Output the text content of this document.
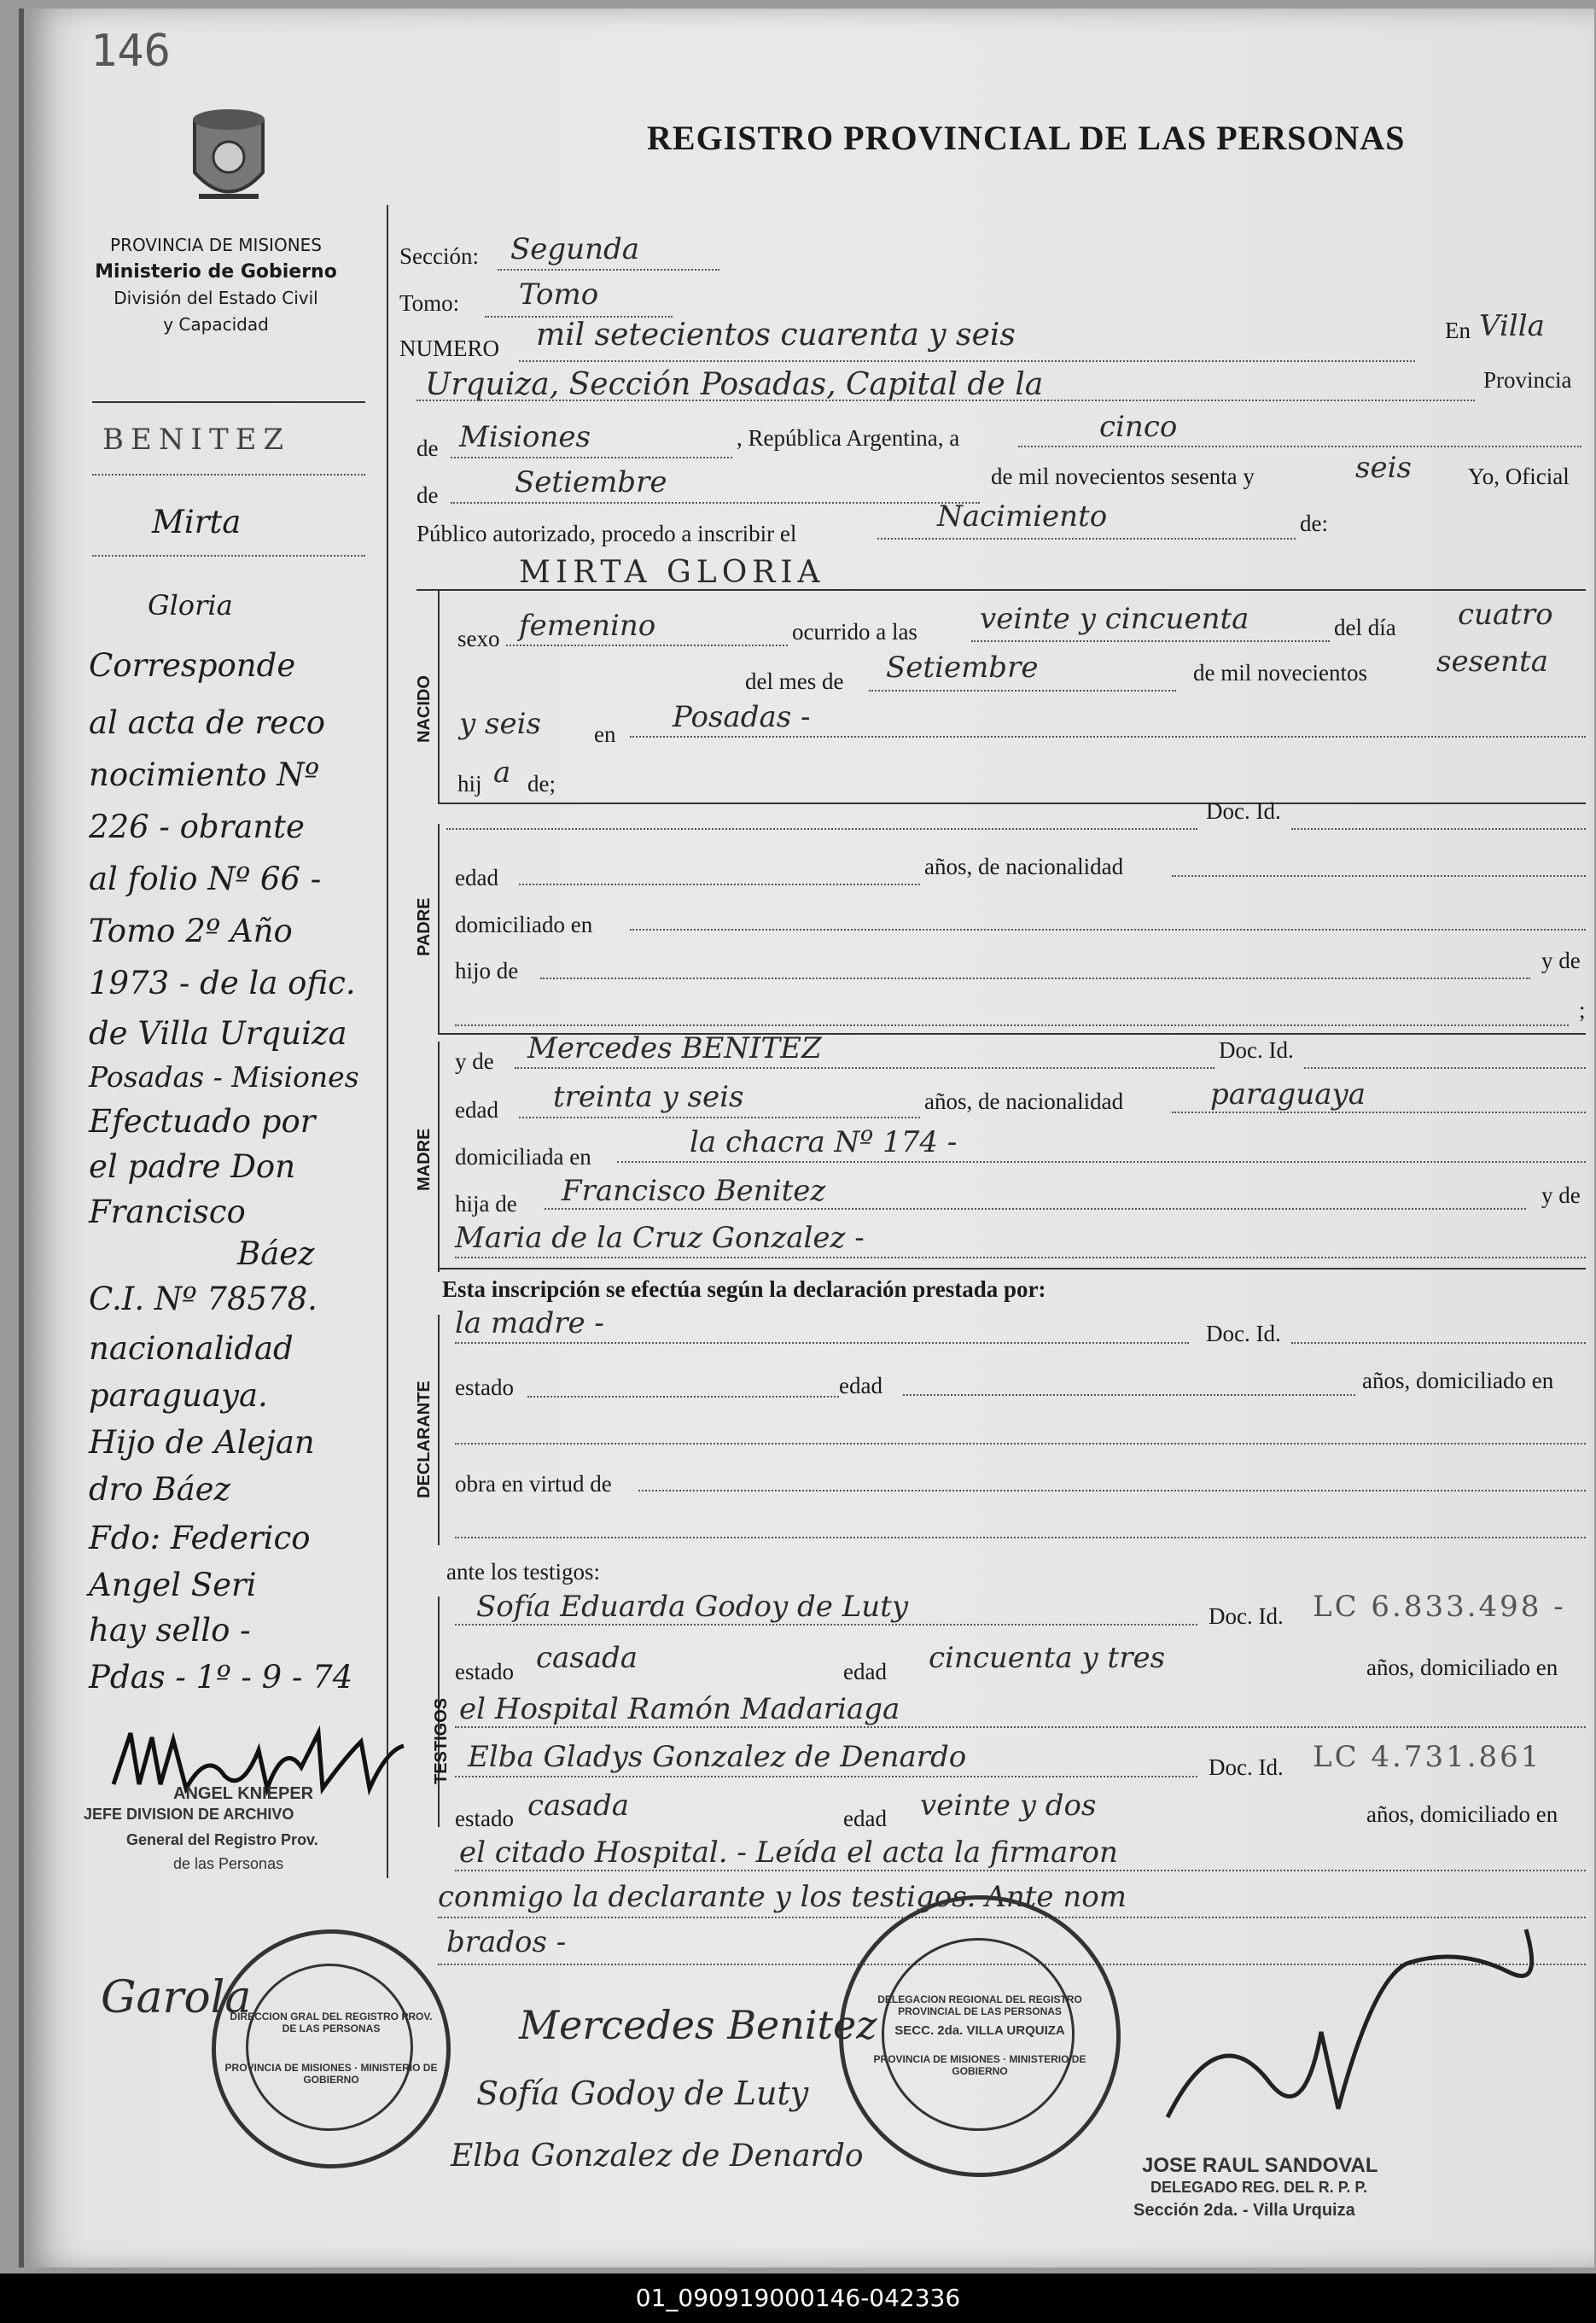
146
REGISTRO PROVINCIAL DE LAS PERSONAS
PROVINCIA DE MISIONES
Ministerio de Gobierno
División del Estado Civil
y Capacidad
BENITEZ
Mirta
Gloria
Corresponde
al acta de reco
nocimiento Nº
226 - obrante
al folio Nº 66 -
Tomo 2º Año
1973 - de la ofic.
de Villa Urquiza
Posadas - Misiones
Efectuado por
el padre Don
Francisco
Báez
C.I. Nº 78578.
nacionalidad
paraguaya.
Hijo de Alejan
dro Báez
Fdo: Federico
Angel Seri
hay sello -
Pdas - 1º - 9 - 74
ANGEL KNIEPER
JEFE DIVISION DE ARCHIVO
General del Registro Prov.
de las Personas
Sección: Segunda
Tomo: Tomo
NUMERO mil setecientos cuarenta y seis	En Villa
Urquiza, Sección Posadas, Capital de la	Provincia
de Misiones	, República Argentina, a	cinco
de	Setiembre	de mil novecientos sesenta y	seis Yo, Oficial
Público autorizado, procedo a inscribir el	Nacimiento	de:
MIRTA GLORIA
NACIDO
sexo femenino	ocurrido a las veinte y cincuenta	del día cuatro
del mes de Setiembre	de mil novecientos sesenta
y seis en Posadas -
hij a de;
PADRE
Doc. Id.
edad	años, de nacionalidad
domiciliado en
hijo de	y de
;
MADRE
y de Mercedes BENITEZ	Doc. Id.
edad treinta y seis	años, de nacionalidad	paraguaya
domiciliada en	la chacra Nº 174 -
hija de Francisco Benitez	y de
Maria de la Cruz Gonzalez -
Esta inscripción se efectúa según la declaración prestada por:
DECLARANTE
la madre -	Doc. Id.
estado	edad	años, domiciliado en
obra en virtud de
ante los testigos:
TESTIGOS
Sofía Eduarda Godoy de Luty	Doc. Id. LC 6.833.498 -
estado casada	edad cincuenta y tres	años, domiciliado en
el Hospital Ramón Madariaga
Elba Gladys Gonzalez de Denardo	Doc. Id. LC 4.731.861
estado casada	edad veinte y dos	años, domiciliado en
el citado Hospital. - Leída el acta la firmaron
conmigo la declarante y los testigos. Ante nom
brados -
Garola
DIRECCION GRAL DEL REGISTRO PROV. DE LAS PERSONAS
PROVINCIA DE MISIONES · MINISTERIO DE GOBIERNO
DELEGACION REGIONAL DEL REGISTRO PROVINCIAL DE LAS PERSONAS
SECC. 2da. VILLA URQUIZA
PROVINCIA DE MISIONES · MINISTERIO DE GOBIERNO
Mercedes Benitez
Sofía Godoy de Luty
Elba Gonzalez de Denardo	JOSE RAUL SANDOVAL
DELEGADO REG. DEL R. P. P.
Sección 2da. - Villa Urquiza
01_090919000146-042336
